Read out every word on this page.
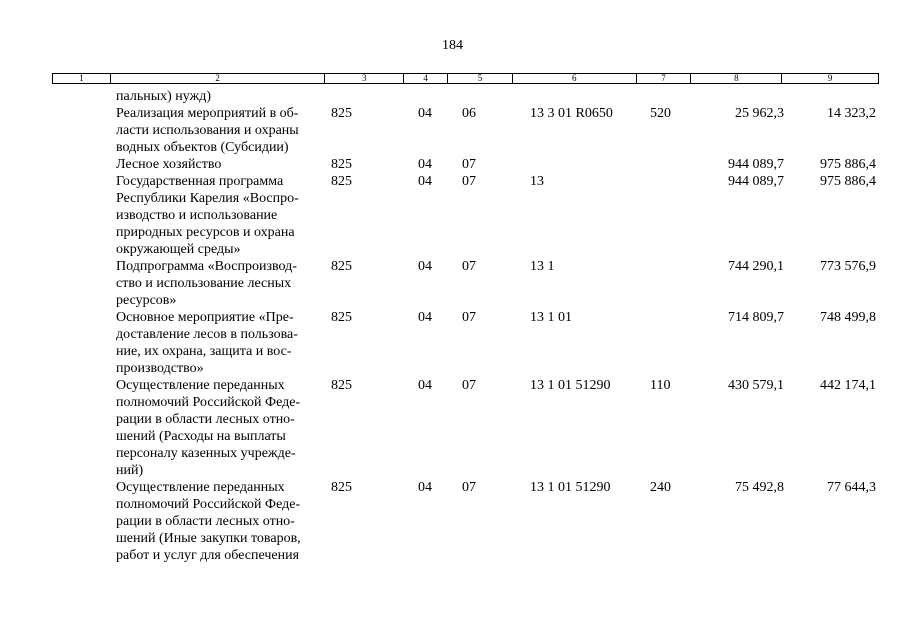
184
1	2	3	4	5	6	7	8	9
пальных) нужд)
Реализация мероприятий в об-
ласти использования и охраны
водных объектов (Субсидии)
825	04 06	13 3 01 R0650	520	25 962,3	14 323,2
Лесное хозяйство	825	04 07	944 089,7	975 886,4
Государственная программа
Республики Карелия «Воспро-
изводство и использование
природных ресурсов и охрана
окружающей среды»
825	04 07	13	944 089,7	975 886,4
Подпрограмма «Воспроизвод-
ство и использование лесных
ресурсов»
825	04 07	13 1	744 290,1	773 576,9
Основное мероприятие «Пре-
доставление лесов в пользова-
ние, их охрана, защита и вос-
производство»
825	04 07	13 1 01	714 809,7	748 499,8
Осуществление переданных
полномочий Российской Феде-
рации в области лесных отно-
шений (Расходы на выплаты
персоналу казенных учрежде-
ний)
825	04 07	13 1 01 51290	110	430 579,1	442 174,1
Осуществление переданных
полномочий Российской Феде-
рации в области лесных отно-
шений (Иные закупки товаров,
работ и услуг для обеспечения
825	04 07	13 1 01 51290	240	75 492,8	77 644,3
